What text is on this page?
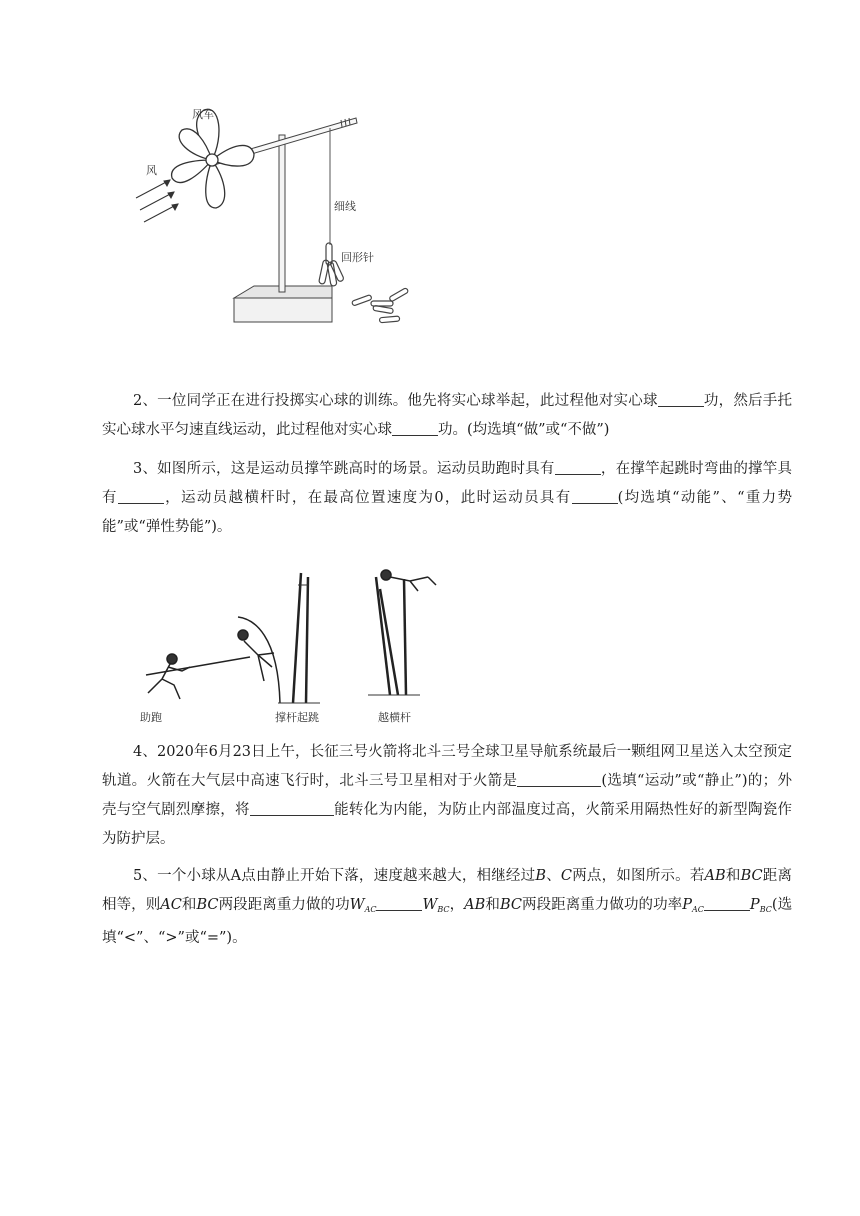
风车
风
细线
回形针

2、一位同学正在进行投掷实心球的训练。他先将实心球举起，此过程他对实心球	功，然后手托实心球水平匀速直线运动，此过程他对实心球	功。(均选填“做”或“不做”)

3、如图所示，这是运动员撑竿跳高时的场景。运动员助跑时具有	，在撑竿起跳时弯曲的撑竿具有	，运动员越横杆时，在最高位置速度为0，此时运动员具有	(均选填“动能”、“重力势能”或“弹性势能”)。

助跑	撑杆起跳	越横杆

4、2020年6月23日上午，长征三号火箭将北斗三号全球卫星导航系统最后一颗组网卫星送入太空预定轨道。火箭在大气层中高速飞行时，北斗三号卫星相对于火箭是	(选填“运动”或“静止”)的；外壳与空气剧烈摩擦，将	能转化为内能，为防止内部温度过高，火箭采用隔热性好的新型陶瓷作为防护层。

5、一个小球从A点由静止开始下落，速度越来越大，相继经过B、C两点，如图所示。若AB和BC距离相等，则AC和BC两段距离重力做的功$W_{AC}$	$W_{BC}$，AB和BC两段距离重力做功的功率$P_{AC}$	$P_{BC}$(选填“<”、“>”或“=”)。
